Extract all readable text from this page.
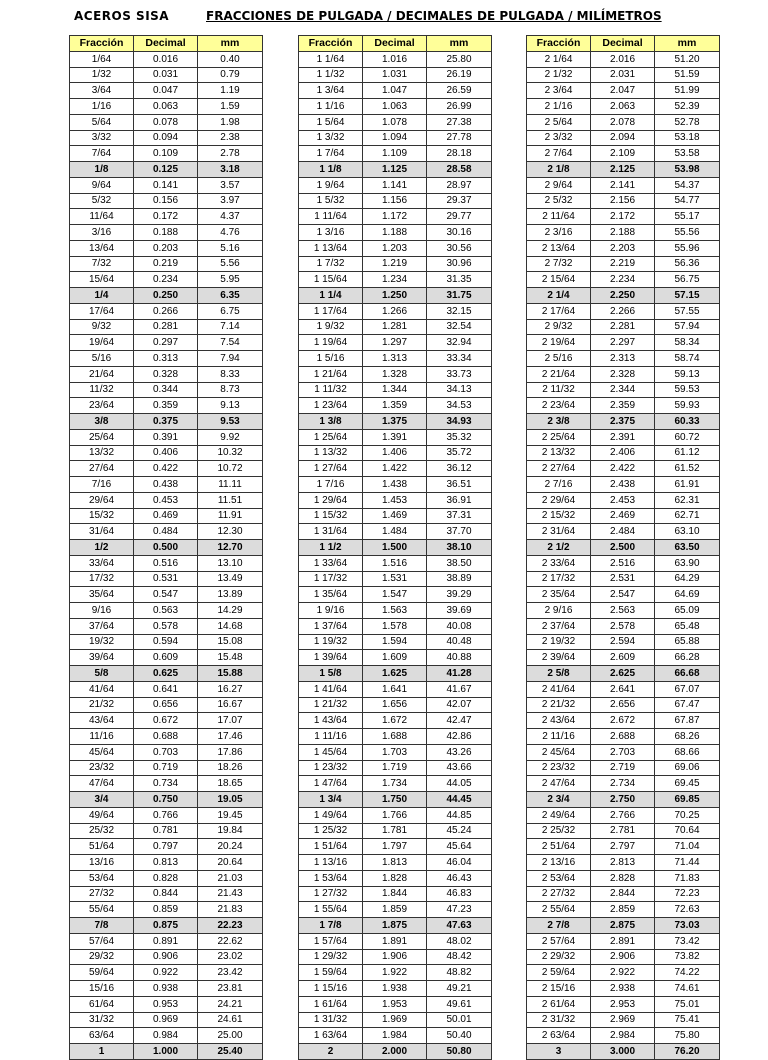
ACEROS SISA	FRACCIONES DE PULGADA / DECIMALES DE PULGADA / MILÍMETROS
Fracción	Decimal	mm
1/64	0.016	0.40
1/32	0.031	0.79
3/64	0.047	1.19
1/16	0.063	1.59
5/64	0.078	1.98
3/32	0.094	2.38
7/64	0.109	2.78
1/8	0.125	3.18
9/64	0.141	3.57
5/32	0.156	3.97
11/64	0.172	4.37
3/16	0.188	4.76
13/64	0.203	5.16
7/32	0.219	5.56
15/64	0.234	5.95
1/4	0.250	6.35
17/64	0.266	6.75
9/32	0.281	7.14
19/64	0.297	7.54
5/16	0.313	7.94
21/64	0.328	8.33
11/32	0.344	8.73
23/64	0.359	9.13
3/8	0.375	9.53
25/64	0.391	9.92
13/32	0.406	10.32
27/64	0.422	10.72
7/16	0.438	11.11
29/64	0.453	11.51
15/32	0.469	11.91
31/64	0.484	12.30
1/2	0.500	12.70
33/64	0.516	13.10
17/32	0.531	13.49
35/64	0.547	13.89
9/16	0.563	14.29
37/64	0.578	14.68
19/32	0.594	15.08
39/64	0.609	15.48
5/8	0.625	15.88
41/64	0.641	16.27
21/32	0.656	16.67
43/64	0.672	17.07
11/16	0.688	17.46
45/64	0.703	17.86
23/32	0.719	18.26
47/64	0.734	18.65
3/4	0.750	19.05
49/64	0.766	19.45
25/32	0.781	19.84
51/64	0.797	20.24
13/16	0.813	20.64
53/64	0.828	21.03
27/32	0.844	21.43
55/64	0.859	21.83
7/8	0.875	22.23
57/64	0.891	22.62
29/32	0.906	23.02
59/64	0.922	23.42
15/16	0.938	23.81
61/64	0.953	24.21
31/32	0.969	24.61
63/64	0.984	25.00
1	1.000	25.40
Fracción	Decimal	mm
1 1/64	1.016	25.80
1 1/32	1.031	26.19
1 3/64	1.047	26.59
1 1/16	1.063	26.99
1 5/64	1.078	27.38
1 3/32	1.094	27.78
1 7/64	1.109	28.18
1 1/8	1.125	28.58
1 9/64	1.141	28.97
1 5/32	1.156	29.37
1 11/64	1.172	29.77
1 3/16	1.188	30.16
1 13/64	1.203	30.56
1 7/32	1.219	30.96
1 15/64	1.234	31.35
1 1/4	1.250	31.75
1 17/64	1.266	32.15
1 9/32	1.281	32.54
1 19/64	1.297	32.94
1 5/16	1.313	33.34
1 21/64	1.328	33.73
1 11/32	1.344	34.13
1 23/64	1.359	34.53
1 3/8	1.375	34.93
1 25/64	1.391	35.32
1 13/32	1.406	35.72
1 27/64	1.422	36.12
1 7/16	1.438	36.51
1 29/64	1.453	36.91
1 15/32	1.469	37.31
1 31/64	1.484	37.70
1 1/2	1.500	38.10
1 33/64	1.516	38.50
1 17/32	1.531	38.89
1 35/64	1.547	39.29
1 9/16	1.563	39.69
1 37/64	1.578	40.08
1 19/32	1.594	40.48
1 39/64	1.609	40.88
1 5/8	1.625	41.28
1 41/64	1.641	41.67
1 21/32	1.656	42.07
1 43/64	1.672	42.47
1 11/16	1.688	42.86
1 45/64	1.703	43.26
1 23/32	1.719	43.66
1 47/64	1.734	44.05
1 3/4	1.750	44.45
1 49/64	1.766	44.85
1 25/32	1.781	45.24
1 51/64	1.797	45.64
1 13/16	1.813	46.04
1 53/64	1.828	46.43
1 27/32	1.844	46.83
1 55/64	1.859	47.23
1 7/8	1.875	47.63
1 57/64	1.891	48.02
1 29/32	1.906	48.42
1 59/64	1.922	48.82
1 15/16	1.938	49.21
1 61/64	1.953	49.61
1 31/32	1.969	50.01
1 63/64	1.984	50.40
2	2.000	50.80
Fracción	Decimal	mm
2 1/64	2.016	51.20
2 1/32	2.031	51.59
2 3/64	2.047	51.99
2 1/16	2.063	52.39
2 5/64	2.078	52.78
2 3/32	2.094	53.18
2 7/64	2.109	53.58
2 1/8	2.125	53.98
2 9/64	2.141	54.37
2 5/32	2.156	54.77
2 11/64	2.172	55.17
2 3/16	2.188	55.56
2 13/64	2.203	55.96
2 7/32	2.219	56.36
2 15/64	2.234	56.75
2 1/4	2.250	57.15
2 17/64	2.266	57.55
2 9/32	2.281	57.94
2 19/64	2.297	58.34
2 5/16	2.313	58.74
2 21/64	2.328	59.13
2 11/32	2.344	59.53
2 23/64	2.359	59.93
2 3/8	2.375	60.33
2 25/64	2.391	60.72
2 13/32	2.406	61.12
2 27/64	2.422	61.52
2 7/16	2.438	61.91
2 29/64	2.453	62.31
2 15/32	2.469	62.71
2 31/64	2.484	63.10
2 1/2	2.500	63.50
2 33/64	2.516	63.90
2 17/32	2.531	64.29
2 35/64	2.547	64.69
2 9/16	2.563	65.09
2 37/64	2.578	65.48
2 19/32	2.594	65.88
2 39/64	2.609	66.28
2 5/8	2.625	66.68
2 41/64	2.641	67.07
2 21/32	2.656	67.47
2 43/64	2.672	67.87
2 11/16	2.688	68.26
2 45/64	2.703	68.66
2 23/32	2.719	69.06
2 47/64	2.734	69.45
2 3/4	2.750	69.85
2 49/64	2.766	70.25
2 25/32	2.781	70.64
2 51/64	2.797	71.04
2 13/16	2.813	71.44
2 53/64	2.828	71.83
2 27/32	2.844	72.23
2 55/64	2.859	72.63
2 7/8	2.875	73.03
2 57/64	2.891	73.42
2 29/32	2.906	73.82
2 59/64	2.922	74.22
2 15/16	2.938	74.61
2 61/64	2.953	75.01
2 31/32	2.969	75.41
2 63/64	2.984	75.80
3	3.000	76.20
